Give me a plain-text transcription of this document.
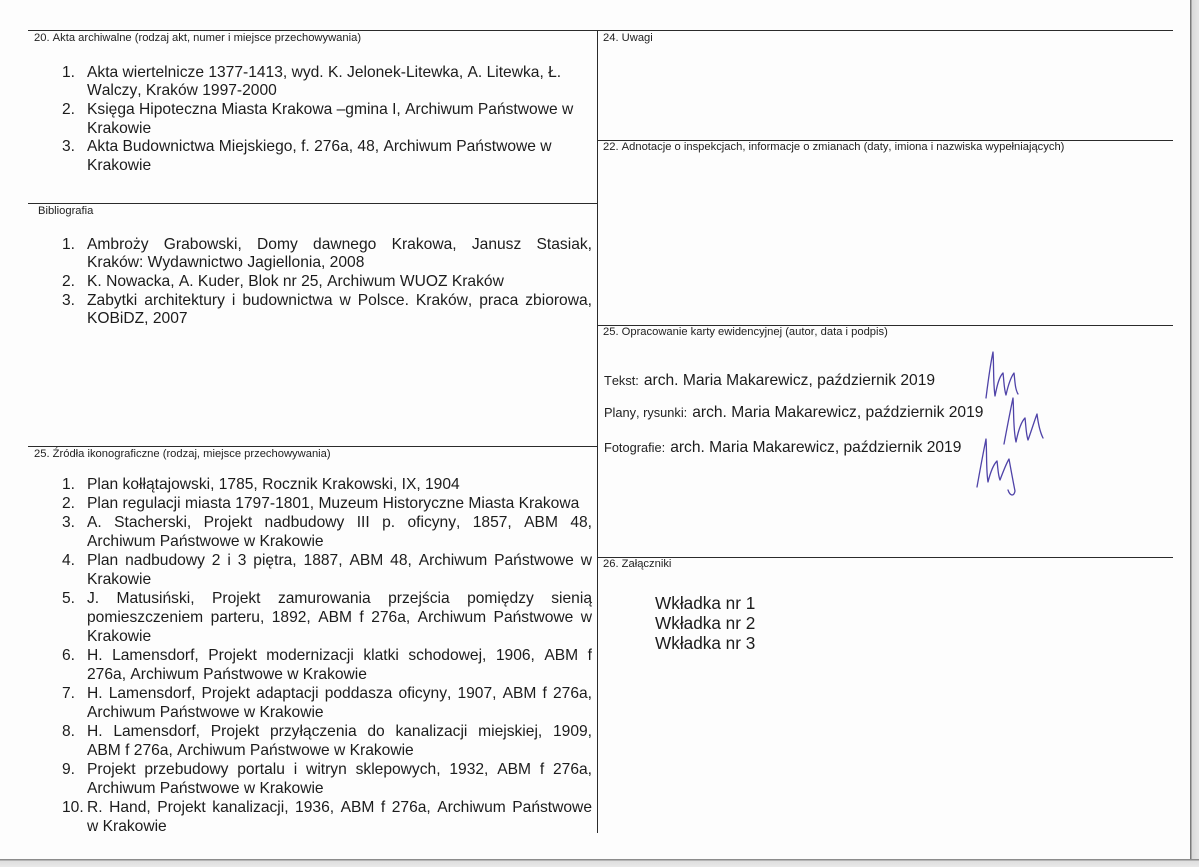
20. Akta archiwalne (rodzaj akt, numer i miejsce przechowywania)
1. Akta wiertelnicze 1377-1413, wyd. K. Jelonek-Litewka, A. Litewka, Ł.
Walczy, Kraków 1997-2000
2. Księga Hipoteczna Miasta Krakowa –gmina I, Archiwum Państwowe w
Krakowie
3. Akta Budownictwa Miejskiego, f. 276a, 48, Archiwum Państwowe w
Krakowie
Bibliografia
1. Ambroży Grabowski, Domy dawnego Krakowa, Janusz Stasiak,
Kraków: Wydawnictwo Jagiellonia, 2008
2. K. Nowacka, A. Kuder, Blok nr 25, Archiwum WUOZ Kraków
3. Zabytki architektury i budownictwa w Polsce. Kraków, praca zbiorowa,
KOBiDZ, 2007
25. Źródła ikonograficzne (rodzaj, miejsce przechowywania)
1. Plan kołłątajowski, 1785, Rocznik Krakowski, IX, 1904
2. Plan regulacji miasta 1797-1801, Muzeum Historyczne Miasta Krakowa
3. A. Stacherski, Projekt nadbudowy III p. oficyny, 1857, ABM 48,
Archiwum Państwowe w Krakowie
4. Plan nadbudowy 2 i 3 piętra, 1887, ABM 48, Archiwum Państwowe w
Krakowie
5. J. Matusiński, Projekt zamurowania przejścia pomiędzy sienią
pomieszczeniem parteru, 1892, ABM f 276a, Archiwum Państwowe w
Krakowie
6. H. Lamensdorf, Projekt modernizacji klatki schodowej, 1906, ABM f
276a, Archiwum Państwowe w Krakowie
7. H. Lamensdorf, Projekt adaptacji poddasza oficyny, 1907, ABM f 276a,
Archiwum Państwowe w Krakowie
8. H. Lamensdorf, Projekt przyłączenia do kanalizacji miejskiej, 1909,
ABM f 276a, Archiwum Państwowe w Krakowie
9. Projekt przebudowy portalu i witryn sklepowych, 1932, ABM f 276a,
Archiwum Państwowe w Krakowie
10. R. Hand, Projekt kanalizacji, 1936, ABM f 276a, Archiwum Państwowe
w Krakowie
24. Uwagi
22. Adnotacje o inspekcjach, informacje o zmianach (daty, imiona i nazwiska wypełniających)
25. Opracowanie karty ewidencyjnej (autor, data i podpis)
Tekst: arch. Maria Makarewicz, październik 2019
Plany, rysunki: arch. Maria Makarewicz, październik 2019
Fotografie: arch. Maria Makarewicz, październik 2019
26. Załączniki
Wkładka nr 1
Wkładka nr 2
Wkładka nr 3
